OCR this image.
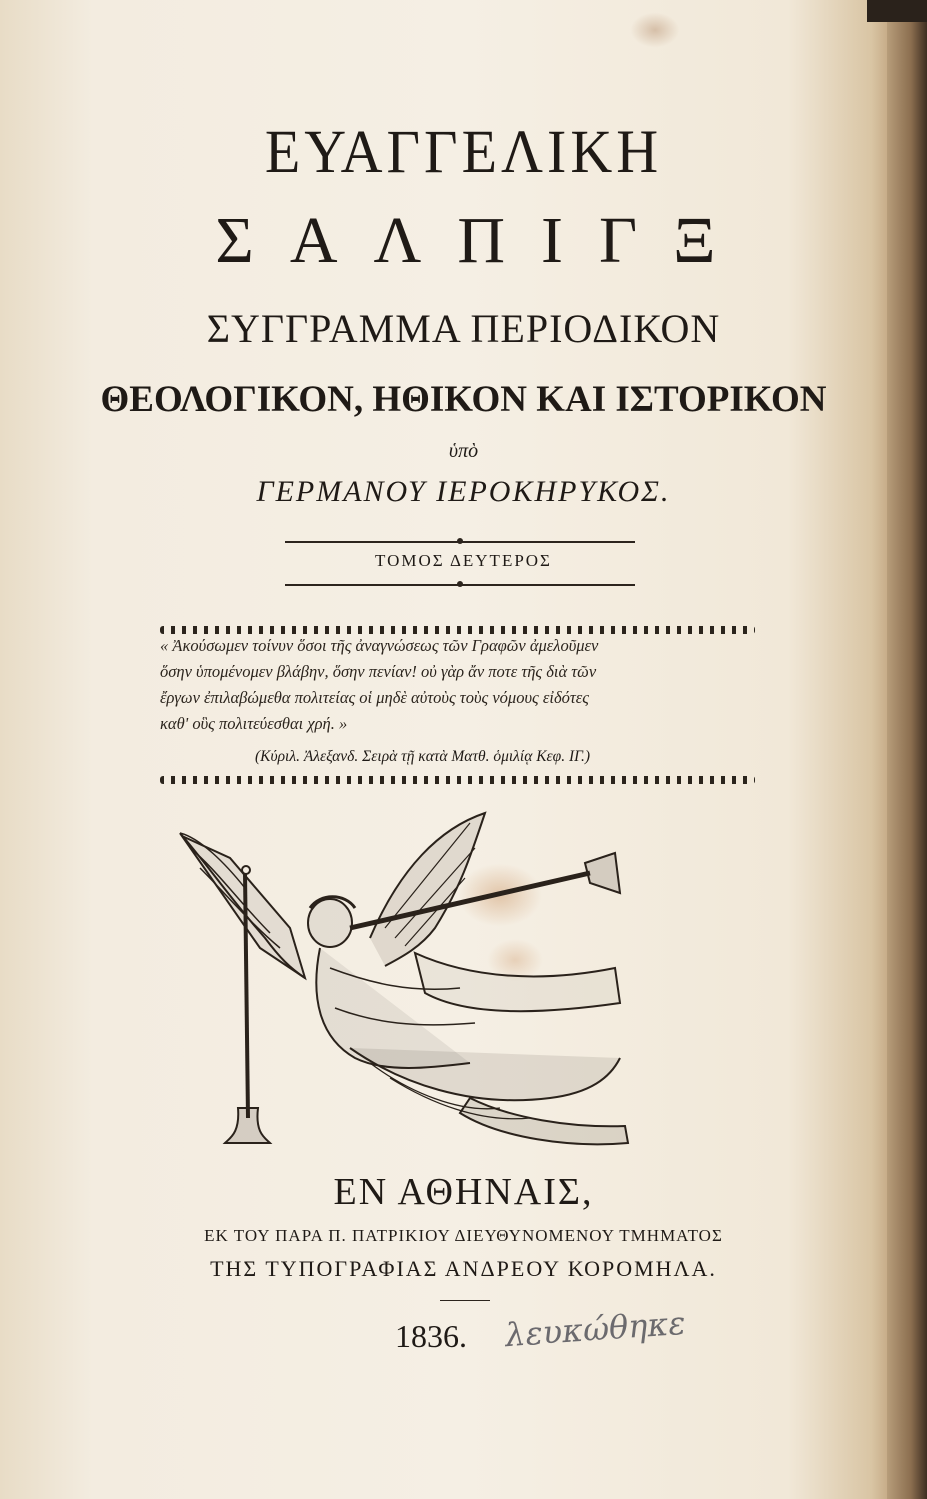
ΕΥΑΓΓΕΛΙΚΗ
ΣΑΛΠΙΓΞ
ΣΥΓΓΡΑΜΜΑ ΠΕΡΙΟΔΙΚΟΝ
ΘΕΟΛΟΓΙΚΟΝ, ΗΘΙΚΟΝ ΚΑΙ ΙΣΤΟΡΙΚΟΝ
ὑπὸ
ΓΕΡΜΑΝΟΥ ΙΕΡΟΚΗΡΥΚΟΣ.
ΤΟΜΟΣ ΔΕΥΤΕΡΟΣ
« Ἀκούσωμεν τοίνυν ὅσοι τῆς ἀναγνώσεως τῶν Γραφῶν ἀμελοῦμεν
ὅσην ὑπομένομεν βλάβην, ὅσην πενίαν! οὐ γὰρ ἄν ποτε τῆς διὰ τῶν
ἔργων ἐπιλαβώμεθα πολιτείας οἱ μηδὲ αὐτοὺς τοὺς νόμους εἰδότες
καθ' οὓς πολιτεύεσθαι χρή. »
(Κύριλ. Ἀλεξανδ. Σειρὰ τῇ κατὰ Ματθ. ὁμιλίᾳ Κεφ. ΙΓ.)
ΕΝ ΑΘΗΝΑΙΣ,
ΕΚ ΤΟΥ ΠΑΡΑ Π. ΠΑΤΡΙΚΙΟΥ ΔΙΕΥΘΥΝΟΜΕΝΟΥ ΤΜΗΜΑΤΟΣ
ΤΗΣ ΤΥΠΟΓΡΑΦΙΑΣ ΑΝΔΡΕΟΥ ΚΟΡΟΜΗΛΑ.
1836. λευκώθηκε
